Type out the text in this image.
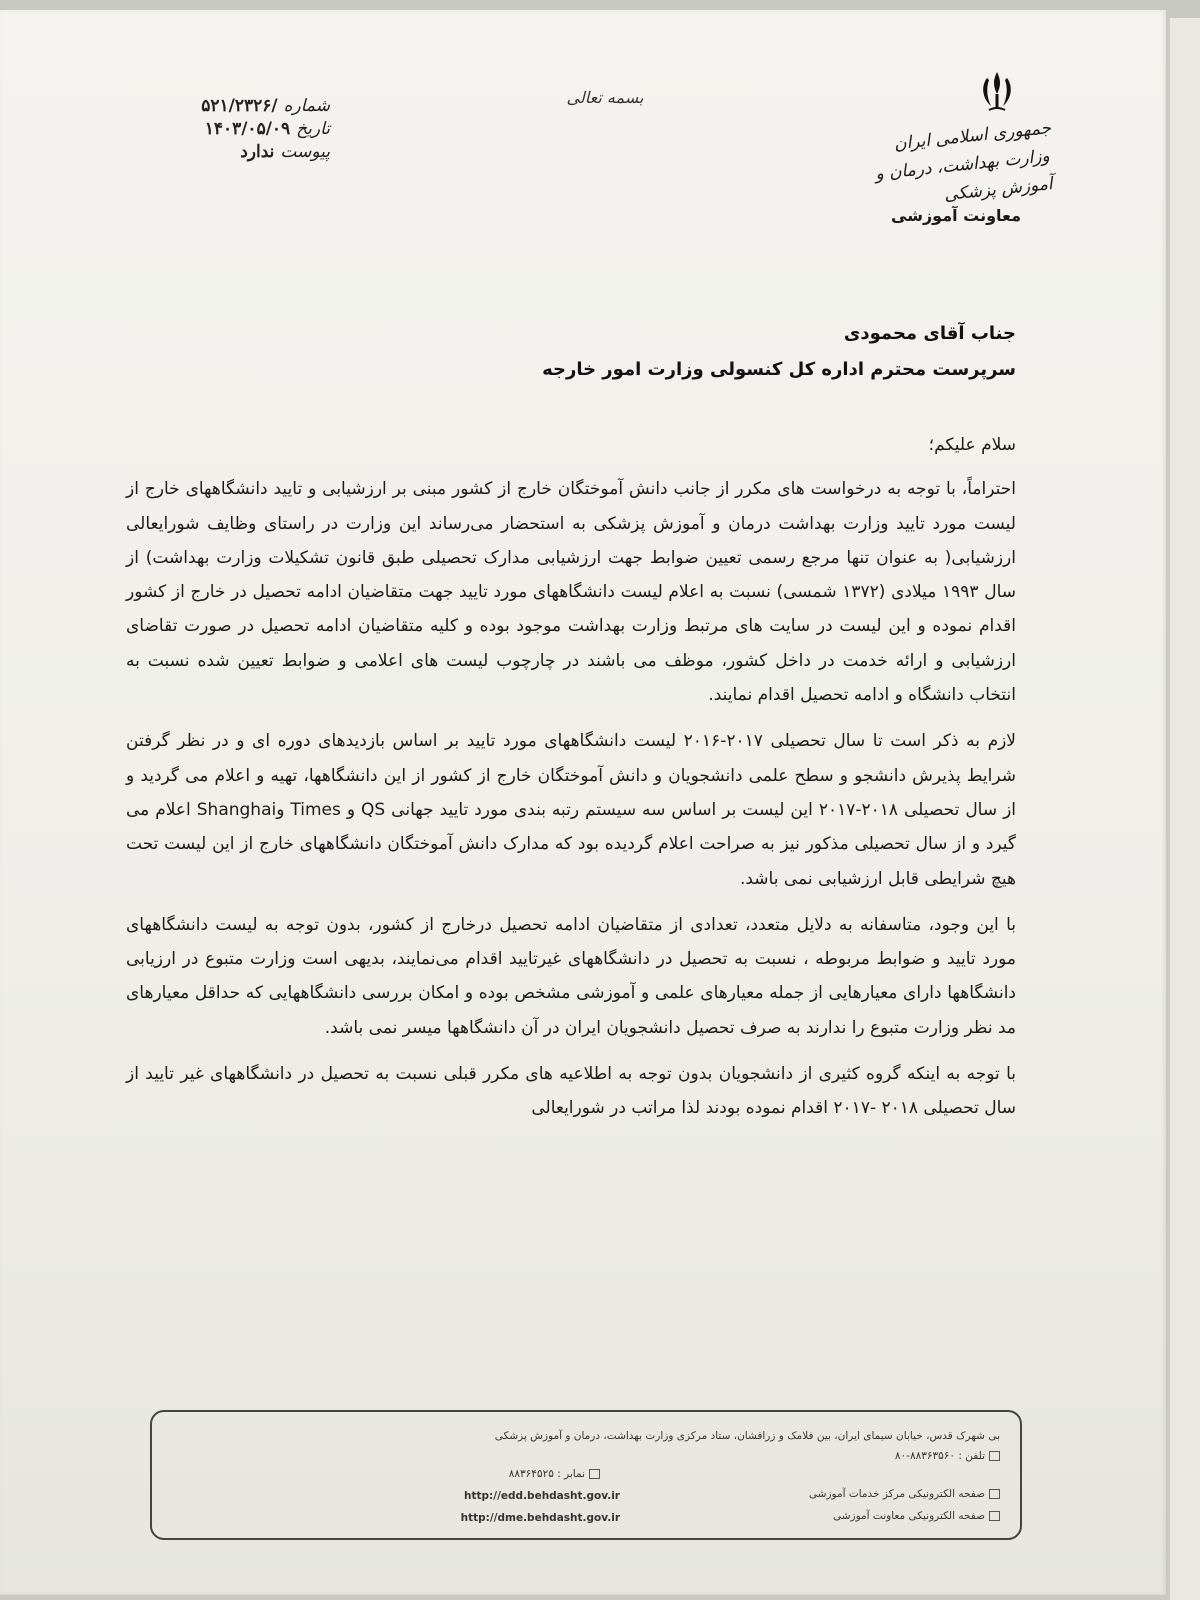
شماره
/۵۲۱/۲۳۲۶
تاریخ
۱۴۰۳/۰۵/۰۹
پیوست
ندارد
بسمه تعالی
جمهوری اسلامی ایران
وزارت بهداشت، درمان و آموزش پزشکی
معاونت آموزشی
جناب آقای محمودی
سرپرست محترم اداره کل کنسولی وزارت امور خارجه

سلام علیکم؛

احتراماً، با توجه به درخواست های مکرر از جانب دانش آموختگان خارج از کشور مبنی بر ارزشیابی و تایید دانشگاههای خارج از لیست مورد تایید وزارت بهداشت درمان و آموزش پزشکی به استحضار می‌رساند این وزارت در راستای وظایف شورایعالی ارزشیابی( به عنوان تنها مرجع رسمی تعیین ضوابط جهت ارزشیابی مدارک تحصیلی طبق قانون تشکیلات وزارت بهداشت) از سال ۱۹۹۳ میلادی (۱۳۷۲ شمسی) نسبت به اعلام لیست دانشگاههای مورد تایید جهت متقاضیان ادامه تحصیل در خارج از کشور اقدام نموده و این لیست در سایت های مرتبط وزارت بهداشت موجود بوده و کلیه متقاضیان ادامه تحصیل در صورت تقاضای ارزشیابی و ارائه خدمت در داخل کشور، موظف می باشند در چارچوب لیست های اعلامی و ضوابط تعیین شده نسبت به انتخاب دانشگاه و ادامه تحصیل اقدام نمایند.

لازم به ذکر است تا سال تحصیلی ۲۰۱۷-۲۰۱۶ لیست دانشگاههای مورد تایید بر اساس بازدیدهای دوره ای و در نظر گرفتن شرایط پذیرش دانشجو و سطح علمی دانشجویان و دانش آموختگان خارج از کشور از این دانشگاهها، تهیه و اعلام می گردید و از سال تحصیلی ۲۰۱۸-۲۰۱۷ این لیست بر اساس سه سیستم رتبه بندی مورد تایید جهانی QS و Times وShanghai اعلام می گیرد و از سال تحصیلی مذکور نیز به صراحت اعلام گردیده بود که مدارک دانش آموختگان دانشگاههای خارج از این لیست تحت هیچ شرایطی قابل ارزشیابی نمی باشد.

با این وجود، متاسفانه به دلایل متعدد، تعدادی از متقاضیان ادامه تحصیل درخارج از کشور، بدون توجه به لیست دانشگاههای مورد تایید و ضوابط مربوطه ، نسبت به تحصیل در دانشگاههای غیرتایید اقدام می‌نمایند، بدیهی است وزارت متبوع در ارزیابی دانشگاهها دارای معیارهایی از جمله معیارهای علمی و آموزشی مشخص بوده و امکان بررسی دانشگاههایی که حداقل معیارهای مد نظر وزارت متبوع را ندارند به صرف تحصیل دانشجویان ایران در آن دانشگاهها میسر نمی باشد.

با توجه به اینکه گروه کثیری از دانشجویان بدون توجه به اطلاعیه های مکرر قبلی نسبت به تحصیل در دانشگاههای غیر تایید از سال تحصیلی ۲۰۱۸ -۲۰۱۷ اقدام نموده بودند لذا مراتب در شورایعالی

بی شهرک قدس، خیابان سیمای ایران، بین فلامک و زرافشان، ستاد مرکزی وزارت بهداشت، درمان و آموزش پزشکی
تلفن : ۸۸۳۶۳۵۶۰-۸۰
نمابر : ۸۸۳۶۴۵۲۵
صفحه الکترونیکی مرکز خدمات آموزشی
صفحه الکترونیکی معاونت آموزشی
http://edd.behdasht.gov.ir
http://dme.behdasht.gov.ir
